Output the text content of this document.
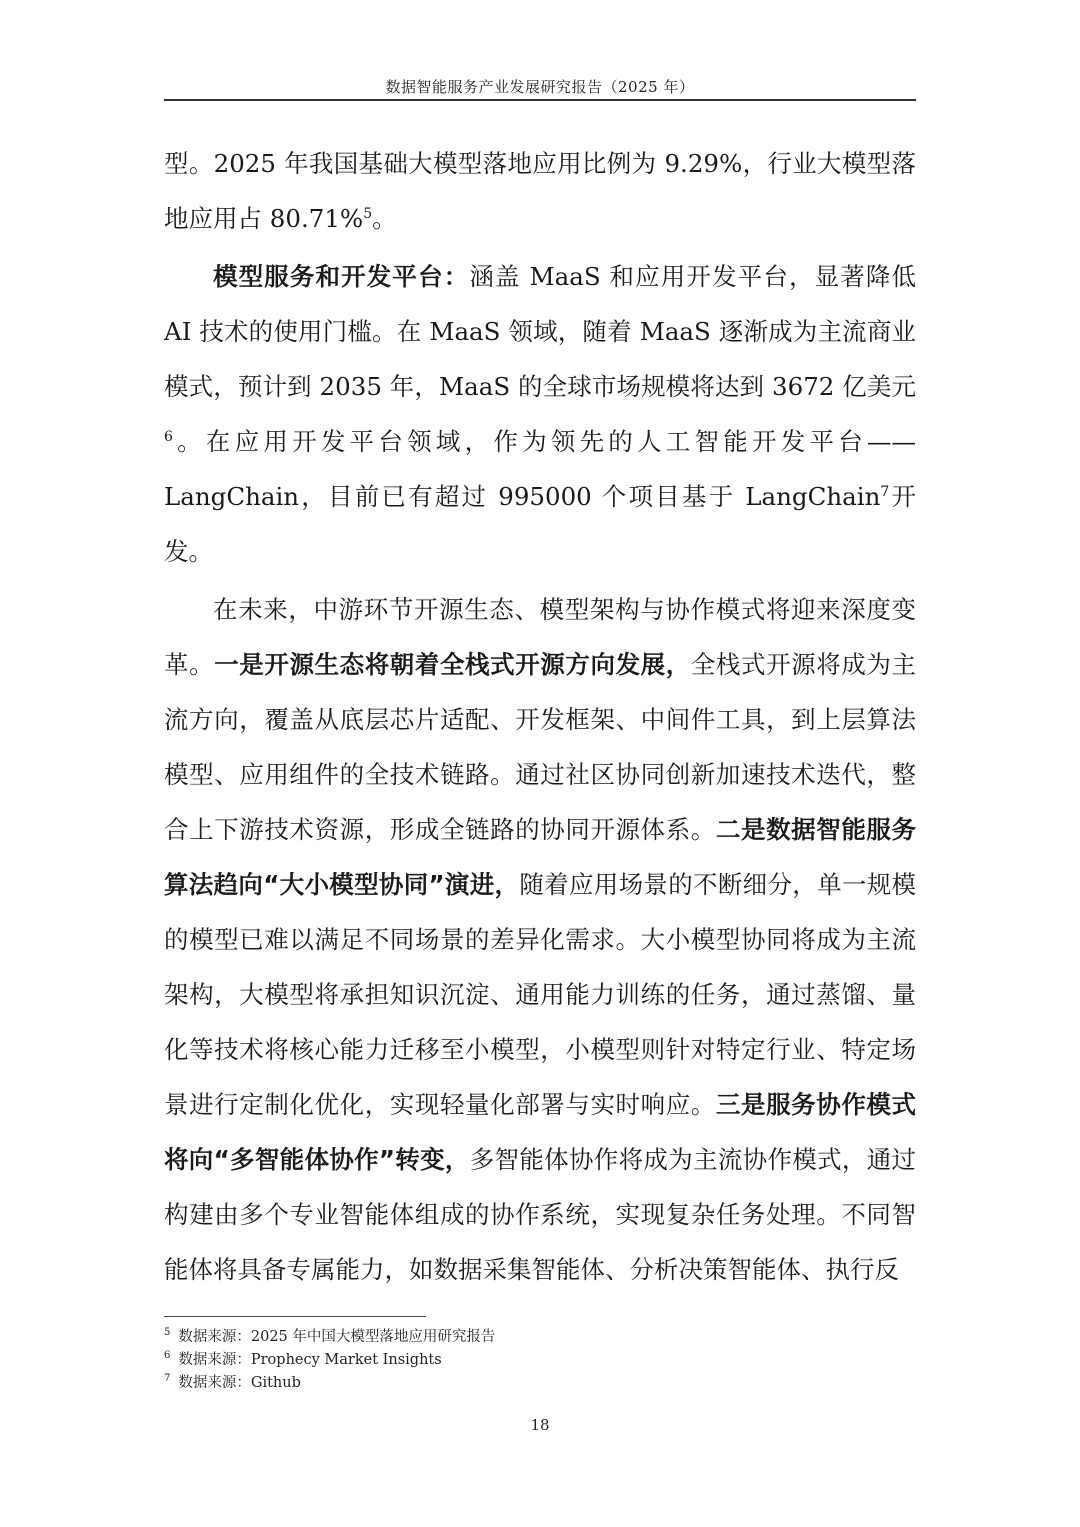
数据智能服务产业发展研究报告（2025 年）

型。2025 年我国基础大模型落地应用比例为 9.29%，行业大模型落地应用占 80.71%$^5$。

模型服务和开发平台：涵盖 MaaS 和应用开发平台，显著降低 AI 技术的使用门槛。在 MaaS 领域，随着 MaaS 逐渐成为主流商业模式，预计到 2035 年，MaaS 的全球市场规模将达到 3672 亿美元$^6$。在应用开发平台领域，作为领先的人工智能开发平台——LangChain，目前已有超过 995000 个项目基于 LangChain$^7$开发。

在未来，中游环节开源生态、模型架构与协作模式将迎来深度变革。一是开源生态将朝着全栈式开源方向发展，全栈式开源将成为主流方向，覆盖从底层芯片适配、开发框架、中间件工具，到上层算法模型、应用组件的全技术链路。通过社区协同创新加速技术迭代，整合上下游技术资源，形成全链路的协同开源体系。二是数据智能服务算法趋向“大小模型协同”演进，随着应用场景的不断细分，单一规模的模型已难以满足不同场景的差异化需求。大小模型协同将成为主流架构，大模型将承担知识沉淀、通用能力训练的任务，通过蒸馏、量化等技术将核心能力迁移至小模型，小模型则针对特定行业、特定场景进行定制化优化，实现轻量化部署与实时响应。三是服务协作模式将向“多智能体协作”转变，多智能体协作将成为主流协作模式，通过构建由多个专业智能体组成的协作系统，实现复杂任务处理。不同智能体将具备专属能力，如数据采集智能体、分析决策智能体、执行反

$^5$ 数据来源：2025 年中国大模型落地应用研究报告
$^6$ 数据来源：Prophecy Market Insights
$^7$ 数据来源：Github
18
